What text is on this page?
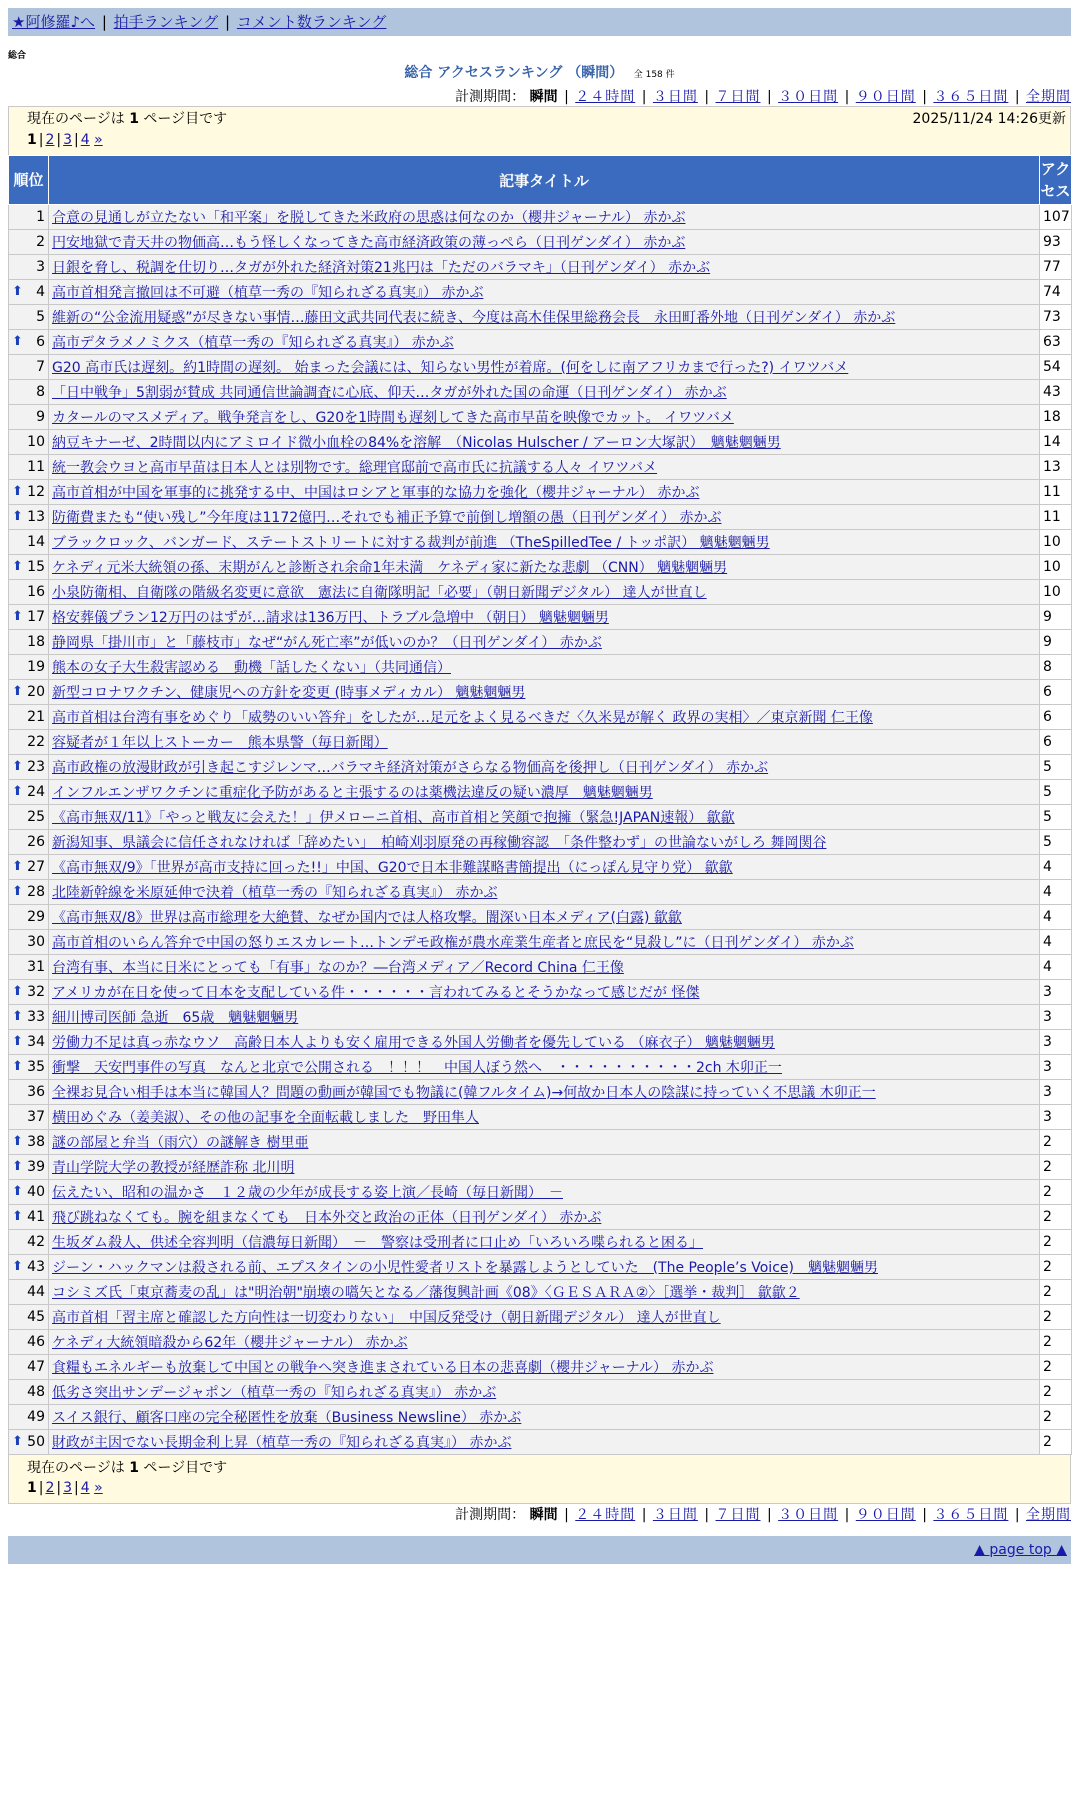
★阿修羅♪へ | 拍手ランキング | コメント数ランキング
総合
総合 アクセスランキング （瞬間） 全 158 件
計測期間： 瞬間 | ２４時間 | ３日間 | ７日間 | ３０日間 | ９０日間 | ３６５日間 | 全期間
現在のページは 1 ページ目です	2025/11/24 14:26更新
1 | 2 | 3 | 4 »
順位	記事タイトル	アクセス
1	合意の見通しが立たない「和平案」を脱してきた米政府の思惑は何なのか（櫻井ジャーナル） 赤かぶ	107
2	円安地獄で青天井の物価高…もう怪しくなってきた高市経済政策の薄っぺら（日刊ゲンダイ） 赤かぶ	93
3	日銀を脅し、税調を仕切り…タガが外れた経済対策21兆円は「ただのバラマキ」（日刊ゲンダイ） 赤かぶ	77

⬆ 4	高市首相発言撤回は不可避（植草一秀の『知られざる真実』） 赤かぶ	74
5	維新の“公金流用疑惑”が尽きない事情…藤田文武共同代表に続き、今度は高木佳保里総務会長　永田町番外地（日刊ゲンダイ） 赤かぶ	73

⬆ 6	高市デタラメノミクス（植草一秀の『知られざる真実』） 赤かぶ	63
7	G20 高市氏は遅刻。約1時間の遅刻。 始まった会議には、知らない男性が着席。(何をしに南アフリカまで行った?) イワツバメ	54
8	「日中戦争」5割弱が賛成 共同通信世論調査に心底、仰天…タガが外れた国の命運（日刊ゲンダイ） 赤かぶ	43
9	カタールのマスメディア。戦争発言をし、G20を1時間も遅刻してきた高市早苗を映像でカット。 イワツバメ	18
10	納豆キナーゼ、2時間以内にアミロイド微小血栓の84%を溶解　（Nicolas Hulscher / アーロン大塚訳）　魑魅魍魎男	14
11	統一教会ウヨと高市早苗は日本人とは別物です。総理官邸前で高市氏に抗議する人々 イワツバメ	13

⬆ 12	高市首相が中国を軍事的に挑発する中、中国はロシアと軍事的な協力を強化（櫻井ジャーナル） 赤かぶ	11

⬆ 13	防衛費またも“使い残し”今年度は1172億円…それでも補正予算で前倒し増額の愚（日刊ゲンダイ） 赤かぶ	11
14	ブラックロック、バンガード、ステートストリートに対する裁判が前進 （TheSpilledTee / トッポ訳） 魑魅魍魎男	10

⬆ 15	ケネディ元米大統領の孫、末期がんと診断され余命1年未満　ケネディ家に新たな悲劇 （CNN） 魑魅魍魎男	10
16	小泉防衛相、自衛隊の階級名変更に意欲　憲法に自衛隊明記「必要」（朝日新聞デジタル） 達人が世直し	10

⬆ 17	格安葬儀プラン12万円のはずが…請求は136万円、トラブル急増中 （朝日） 魑魅魍魎男	9
18	静岡県「掛川市」と「藤枝市」なぜ“がん死亡率”が低いのか？（日刊ゲンダイ） 赤かぶ	9
19	熊本の女子大生殺害認める　動機「話したくない」（共同通信）	8

⬆ 20	新型コロナワクチン、健康児への方針を変更 (時事メディカル） 魑魅魍魎男	6
21	高市首相は台湾有事をめぐり「威勢のいい答弁」をしたが…足元をよく見るべきだ〈久米晃が解く 政界の実相〉／東京新聞 仁王像	6
22	容疑者が１年以上ストーカー　熊本県警（毎日新聞）	6

⬆ 23	高市政権の放漫財政が引き起こすジレンマ…バラマキ経済対策がさらなる物価高を後押し（日刊ゲンダイ） 赤かぶ	5

⬆ 24	インフルエンザワクチンに重症化予防があると主張するのは薬機法違反の疑い濃厚　魑魅魍魎男	5
25	《高市無双/11》「やっと戦友に会えた！」伊メローニ首相、高市首相と笑顔で抱擁（緊急!JAPAN速報） 歙歙	5
26	新潟知事、県議会に信任されなければ「辞めたい」　柏崎刈羽原発の再稼働容認　「条件整わず」の世論ないがしろ 舞岡関谷	5

⬆ 27	《高市無双/9》「世界が高市支持に回った!!」中国、G20で日本非難謀略書簡提出（にっぽん見守り党） 歙歙	4

⬆ 28	北陸新幹線を米原延伸で決着（植草一秀の『知られざる真実』） 赤かぶ	4
29	《高市無双/8》世界は高市総理を大絶賛、なぜか国内では人格攻撃。闇深い日本メディア(白露) 歙歙	4
30	高市首相のいらん答弁で中国の怒りエスカレート…トンデモ政権が農水産業生産者と庶民を“見殺し”に（日刊ゲンダイ） 赤かぶ	4
31	台湾有事、本当に日米にとっても「有事」なのか？―台湾メディア／Record China 仁王像	4

⬆ 32	アメリカが在日を使って日本を支配している件・・・・・・言われてみるとそうかなって感じだが 怪傑	3

⬆ 33	細川博司医師 急逝　65歳　魑魅魍魎男	3

⬆ 34	労働力不足は真っ赤なウソ　高齢日本人よりも安く雇用できる外国人労働者を優先している （麻衣子） 魑魅魍魎男	3

⬆ 35	衝撃　天安門事件の写真　なんと北京で公開される　！！！　中国人ぼう然へ　・・・・・・・・・・2ch 木卯正一	3
36	全裸お見合い相手は本当に韓国人？問題の動画が韓国でも物議に(韓フルタイム)→何故か日本人の陰謀に持っていく不思議 木卯正一	3
37	横田めぐみ（姜美淑）、その他の記事を全面転載しました　野田隼人	3

⬆ 38	謎の部屋と弁当（雨穴）の謎解き 樹里亜	2

⬆ 39	青山学院大学の教授が経歴詐称 北川明	2

⬆ 40	伝えたい、昭和の温かさ　１２歳の少年が成長する姿上演／長崎（毎日新聞）　－	2

⬆ 41	飛び跳ねなくても。腕を組まなくても　日本外交と政治の正体（日刊ゲンダイ） 赤かぶ	2
42	生坂ダム殺人、供述全容判明（信濃毎日新聞）　－　警察は受刑者に口止め「いろいろ喋られると困る」	2

⬆ 43	ジーン・ハックマンは殺される前、エプスタインの小児性愛者リストを暴露しようとしていた　(The People’s Voice)　魑魅魍魎男	2
44	コシミズ氏「東京蕎麦の乱」は"明治朝"崩壊の嚆矢となる／藩復興計画《08》〈ＧＥＳＡＲＡ②〉［選挙・裁判］ 歙歙２	2
45	高市首相「習主席と確認した方向性は一切変わりない」　中国反発受け（朝日新聞デジタル） 達人が世直し	2
46	ケネディ大統領暗殺から62年（櫻井ジャーナル） 赤かぶ	2
47	食糧もエネルギーも放棄して中国との戦争へ突き進まされている日本の悲喜劇（櫻井ジャーナル） 赤かぶ	2
48	低劣さ突出サンデージャポン（植草一秀の『知られざる真実』） 赤かぶ	2
49	スイス銀行、顧客口座の完全秘匿性を放棄（Business Newsline） 赤かぶ	2

⬆ 50	財政が主因でない長期金利上昇（植草一秀の『知られざる真実』） 赤かぶ	2
現在のページは 1 ページ目です
1 | 2 | 3 | 4 »
計測期間： 瞬間 | ２４時間 | ３日間 | ７日間 | ３０日間 | ９０日間 | ３６５日間 | 全期間
▲ page top ▲
